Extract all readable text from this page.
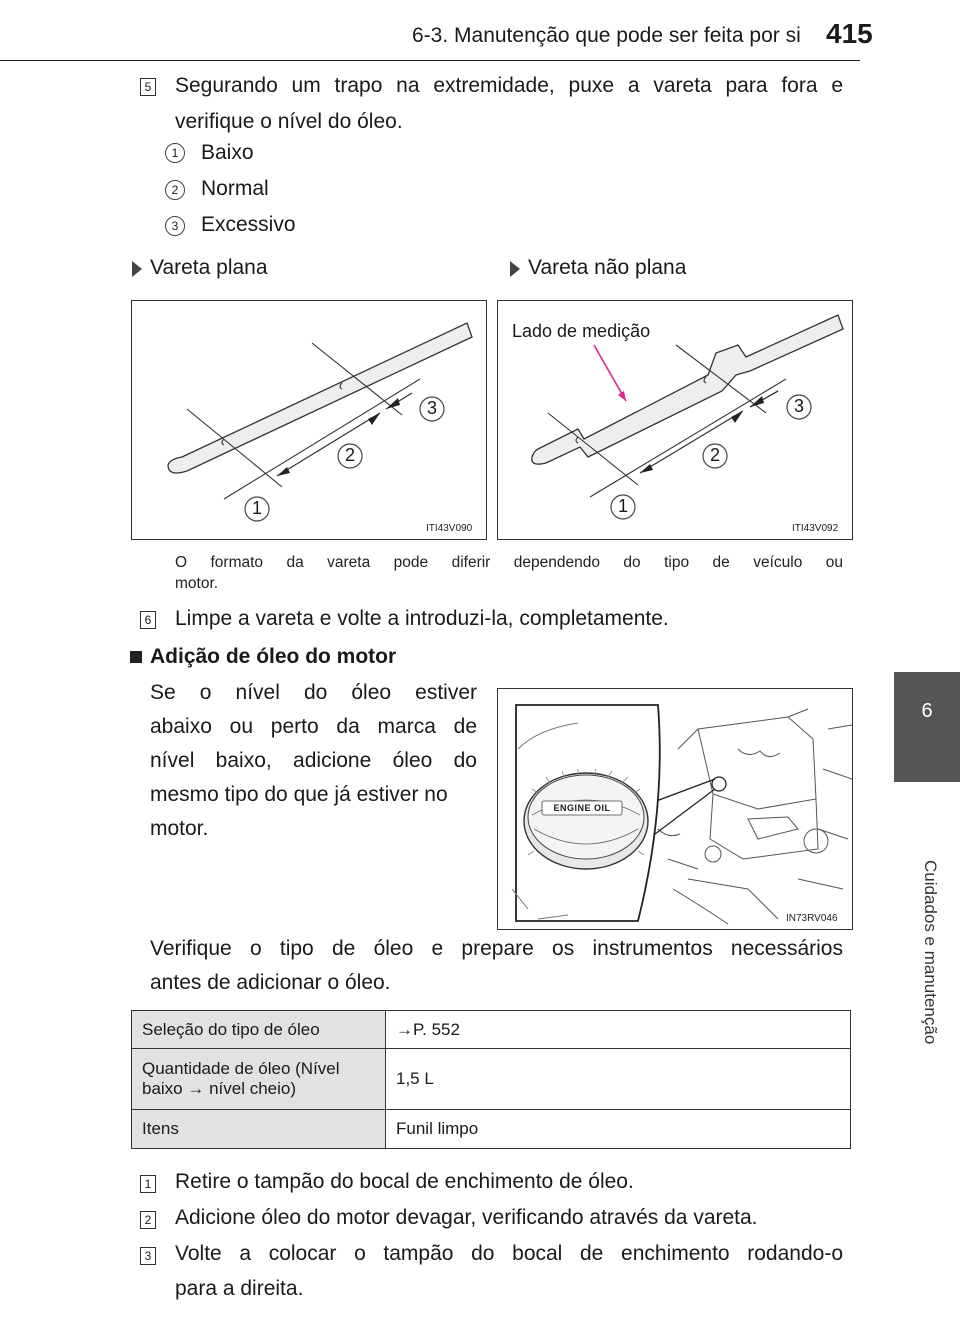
6-3. Manutenção que pode ser feita por si 415
6
Cuidados e manutenção
5 Segurando um trapo na extremidade, puxe a vareta para fora e
verifique o nível do óleo.
1	Baixo
2	Normal
3	Excessivo
Vareta plana	Vareta não plana
1
2
3
ITI43V090
Lado de medição
1
2
3
ITI43V092
O formato da vareta pode diferir dependendo do tipo de veículo ou
motor.
6 Limpe a vareta e volte a introduzi-la, completamente.
Adição de óleo do motor
Se o nível do óleo estiver
abaixo ou perto da marca de
nível baixo, adicione óleo do
mesmo tipo do que já estiver no
motor.
ENGINE OIL
IN73RV046
Verifique o tipo de óleo e prepare os instrumentos necessários
antes de adicionar o óleo.
Seleção do tipo de óleo	→P. 552

Quantidade de óleo (Nível
baixo → nível cheio)	1,5 L
Itens	Funil limpo
1 Retire o tampão do bocal de enchimento de óleo.
2 Adicione óleo do motor devagar, verificando através da vareta.
3 Volte a colocar o tampão do bocal de enchimento rodando-o
para a direita.
